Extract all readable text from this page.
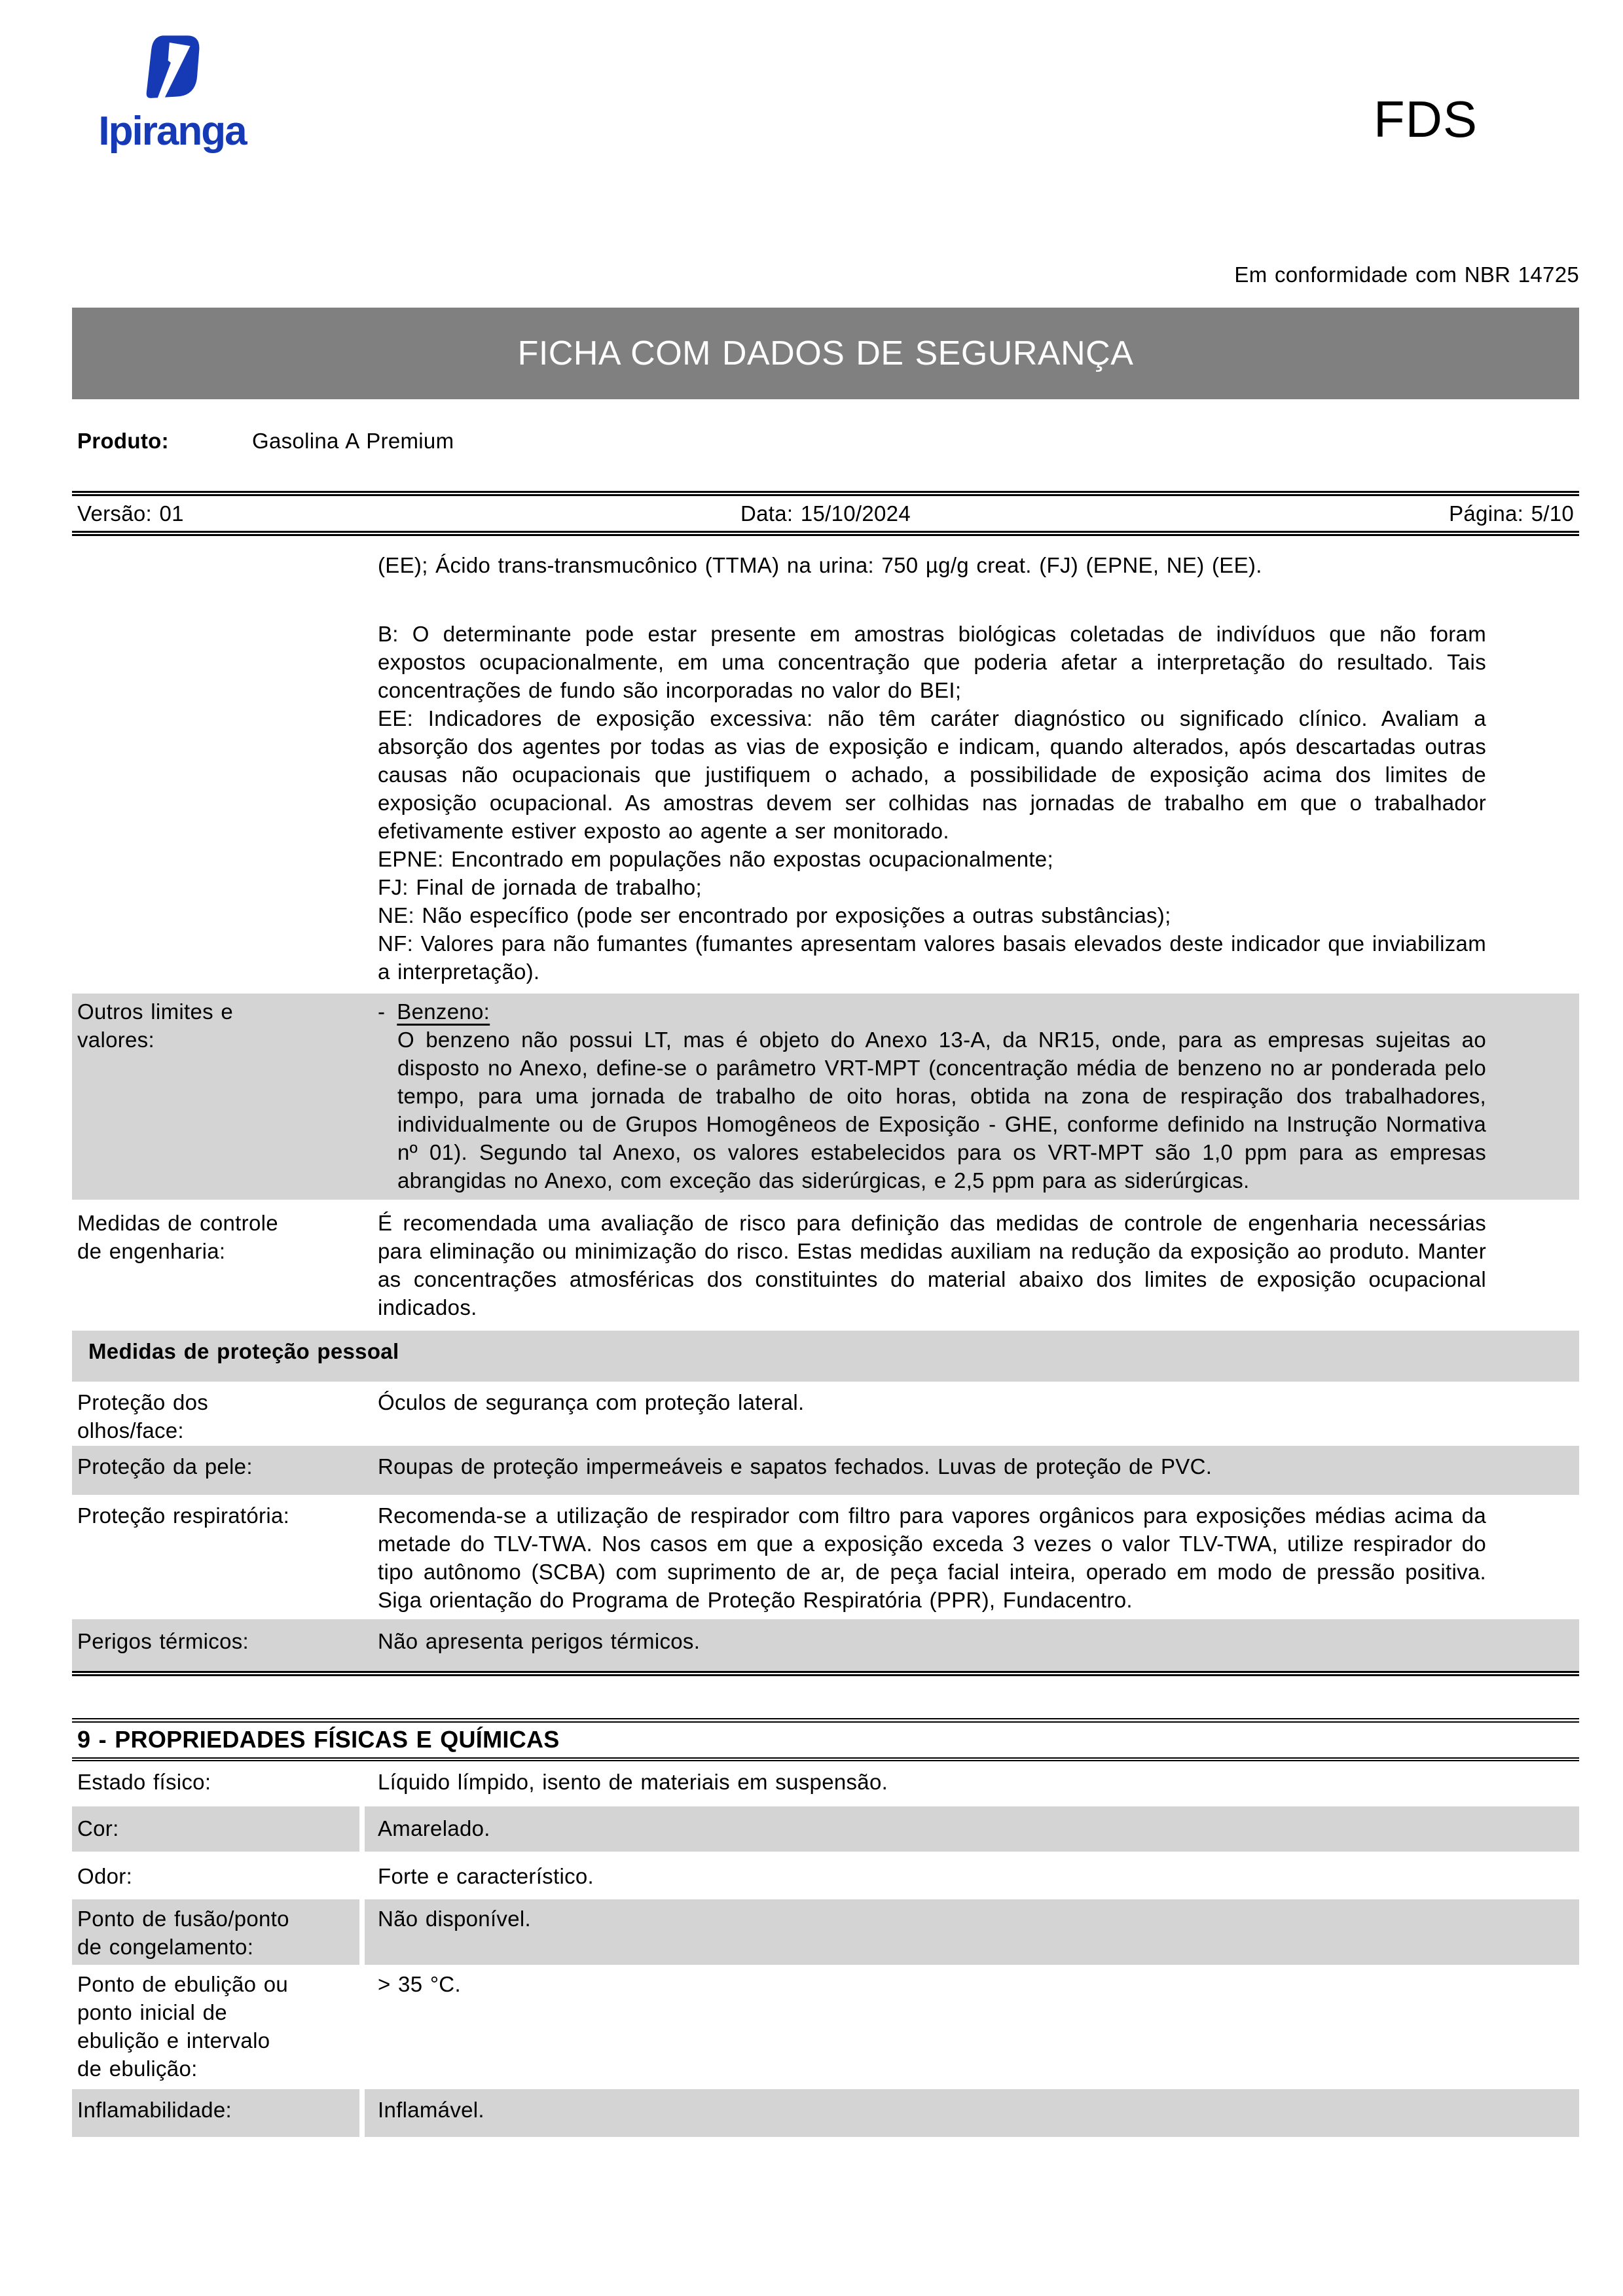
Ipiranga	FDS
Em conformidade com NBR 14725
FICHA COM DADOS DE SEGURANÇA
Produto:	Gasolina A Premium
Versão: 01	Data: 15/10/2024	Página: 5/10
(EE); Ácido trans-transmucônico (TTMA) na urina: 750 µg/g creat. (FJ) (EPNE, NE) (EE).
B: O determinante pode estar presente em amostras biológicas coletadas de indivíduos que não foram expostos ocupacionalmente, em uma concentração que poderia afetar a interpretação do resultado. Tais concentrações de fundo são incorporadas no valor do BEI;
EE: Indicadores de exposição excessiva: não têm caráter diagnóstico ou significado clínico. Avaliam a absorção dos agentes por todas as vias de exposição e indicam, quando alterados, após descartadas outras causas não ocupacionais que justifiquem o achado, a possibilidade de exposição acima dos limites de exposição ocupacional. As amostras devem ser colhidas nas jornadas de trabalho em que o trabalhador efetivamente estiver exposto ao agente a ser monitorado.
EPNE: Encontrado em populações não expostas ocupacionalmente;
FJ: Final de jornada de trabalho;
NE: Não específico (pode ser encontrado por exposições a outras substâncias);
NF: Valores para não fumantes (fumantes apresentam valores basais elevados deste indicador que inviabilizam a interpretação).
Outros limites e valores:
- Benzeno:
O benzeno não possui LT, mas é objeto do Anexo 13-A, da NR15, onde, para as empresas sujeitas ao disposto no Anexo, define-se o parâmetro VRT-MPT (concentração média de benzeno no ar ponderada pelo tempo, para uma jornada de trabalho de oito horas, obtida na zona de respiração dos trabalhadores, individualmente ou de Grupos Homogêneos de Exposição - GHE, conforme definido na Instrução Normativa nº 01). Segundo tal Anexo, os valores estabelecidos para os VRT-MPT são 1,0 ppm para as empresas abrangidas no Anexo, com exceção das siderúrgicas, e 2,5 ppm para as siderúrgicas.
Medidas de controle de engenharia:
É recomendada uma avaliação de risco para definição das medidas de controle de engenharia necessárias para eliminação ou minimização do risco. Estas medidas auxiliam na redução da exposição ao produto. Manter as concentrações atmosféricas dos constituintes do material abaixo dos limites de exposição ocupacional indicados.
Medidas de proteção pessoal
Proteção dos olhos/face:
Óculos de segurança com proteção lateral.
Proteção da pele:	Roupas de proteção impermeáveis e sapatos fechados. Luvas de proteção de PVC.
Proteção respiratória:	Recomenda-se a utilização de respirador com filtro para vapores orgânicos para exposições médias acima da metade do TLV-TWA. Nos casos em que a exposição exceda 3 vezes o valor TLV-TWA, utilize respirador do tipo autônomo (SCBA) com suprimento de ar, de peça facial inteira, operado em modo de pressão positiva. Siga orientação do Programa de Proteção Respiratória (PPR), Fundacentro.
Perigos térmicos:	Não apresenta perigos térmicos.
9 - PROPRIEDADES FÍSICAS E QUÍMICAS
Estado físico:	Líquido límpido, isento de materiais em suspensão.
Cor:	Amarelado.
Odor:	Forte e característico.
Ponto de fusão/ponto de congelamento:
Não disponível.
Ponto de ebulição ou ponto inicial de ebulição e intervalo de ebulição:
> 35 °C.
Inflamabilidade:	Inflamável.
